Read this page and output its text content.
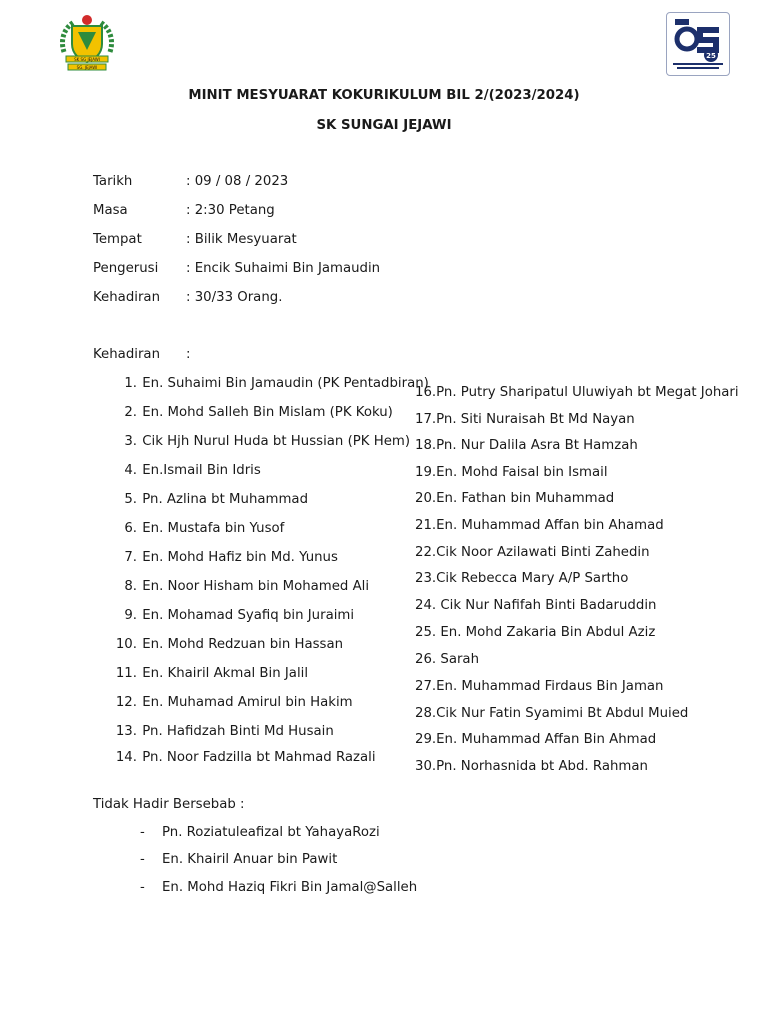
SK SG JEJAWI
SG. JEJAWI
25
MINIT MESYUARAT KOKURIKULUM BIL 2/(2023/2024)
SK SUNGAI JEJAWI
Tarikh	: 09 / 08 / 2023
Masa	: 2:30 Petang
Tempat	: Bilik Mesyuarat
Pengerusi : Encik Suhaimi Bin Jamaudin
Kehadiran : 30/33 Orang.
Kehadiran :
1. En. Suhaimi Bin Jamaudin (PK Pentadbiran)
2. En. Mohd Salleh Bin Mislam (PK Koku)
3. Cik Hjh Nurul Huda bt Hussian (PK Hem)
4. En.Ismail Bin Idris
5. Pn. Azlina bt Muhammad
6. En. Mustafa bin Yusof
7. En. Mohd Hafiz bin Md. Yunus
8. En. Noor Hisham bin Mohamed Ali
9. En. Mohamad Syafiq bin Juraimi
10. En. Mohd Redzuan bin Hassan
11. En. Khairil Akmal Bin Jalil
12. En. Muhamad Amirul bin Hakim
13. Pn. Hafidzah Binti Md Husain
14. Pn. Noor Fadzilla bt Mahmad Razali
16.Pn. Putry Sharipatul Uluwiyah bt Megat Johari
17.Pn. Siti Nuraisah Bt Md Nayan
18.Pn. Nur Dalila Asra Bt Hamzah
19.En. Mohd Faisal bin Ismail
20.En. Fathan bin Muhammad
21.En. Muhammad Affan bin Ahamad
22.Cik Noor Azilawati Binti Zahedin
23.Cik Rebecca Mary A/P Sartho
24. Cik Nur Nafifah Binti Badaruddin
25. En. Mohd Zakaria Bin Abdul Aziz
26. Sarah
27.En. Muhammad Firdaus Bin Jaman
28.Cik Nur Fatin Syamimi Bt Abdul Muied
29.En. Muhammad Affan Bin Ahmad
30.Pn. Norhasnida bt Abd. Rahman
Tidak Hadir Bersebab :
- Pn. Roziatuleafizal bt YahayaRozi
- En. Khairil Anuar bin Pawit
- En. Mohd Haziq Fikri Bin Jamal@Salleh
